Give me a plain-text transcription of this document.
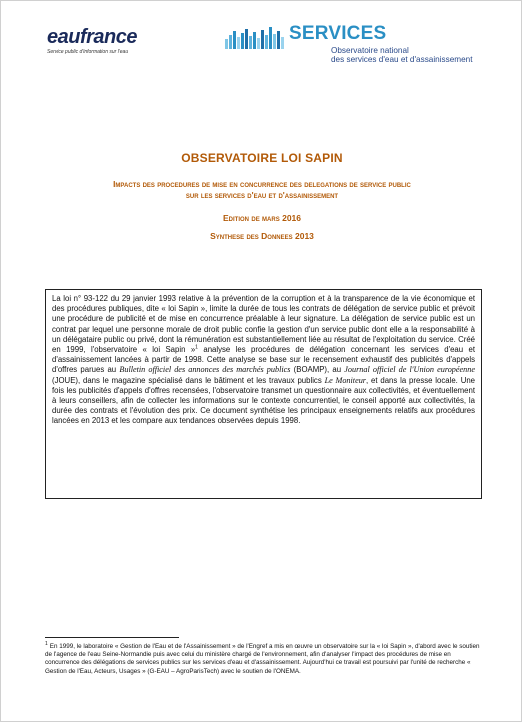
eaufrance
Service public d'information sur l'eau
SERVICES
Observatoire national
des services d'eau et d'assainissement
OBSERVATOIRE LOI SAPIN
Impacts des procedures de mise en concurrence des delegations de service public
sur les services d'eau et d'assainissement
Edition de mars 2016
Synthese des Donnees 2013
La loi n° 93-122 du 29 janvier 1993 relative à la prévention de la corruption et à la transparence de la vie économique et des procédures publiques, dite « loi Sapin », limite la durée de tous les contrats de délégation de service public et prévoit une procédure de publicité et de mise en concurrence préalable à leur signature. La délégation de service public est un contrat par lequel une personne morale de droit public confie la gestion d'un service public dont elle a la responsabilité à un délégataire public ou privé, dont la rémunération est substantiellement liée au résultat de l'exploitation du service. Créé en 1999, l'observatoire « loi Sapin »$^1$ analyse les procédures de délégation concernant les services d'eau et d'assainissement lancées à partir de 1998. Cette analyse se base sur le recensement exhaustif des publicités d'appels d'offres parues au Bulletin officiel des annonces des marchés publics (BOAMP), au Journal officiel de l'Union européenne (JOUE), dans le magazine spécialisé dans le bâtiment et les travaux publics Le Moniteur, et dans la presse locale. Une fois les publicités d'appels d'offres recensées, l'observatoire transmet un questionnaire aux collectivités, et éventuellement à leurs conseillers, afin de collecter les informations sur le contexte concurrentiel, le conseil apporté aux collectivités, la durée des contrats et l'évolution des prix. Ce document synthétise les principaux enseignements relatifs aux procédures lancées en 2013 et les compare aux tendances observées depuis 1998.
$^1$ En 1999, le laboratoire « Gestion de l'Eau et de l'Assainissement » de l'Engref a mis en œuvre un observatoire sur la « loi Sapin », d'abord avec le soutien de l'agence de l'eau Seine-Normandie puis avec celui du ministère chargé de l'environnement, afin d'analyser l'impact des procédures de mise en concurrence des délégations de services publics sur les services d'eau et d'assainissement. Aujourd'hui ce travail est poursuivi par l'unité de recherche « Gestion de l'Eau, Acteurs, Usages » (G-EAU – AgroParisTech) avec le soutien de l'ONEMA.
